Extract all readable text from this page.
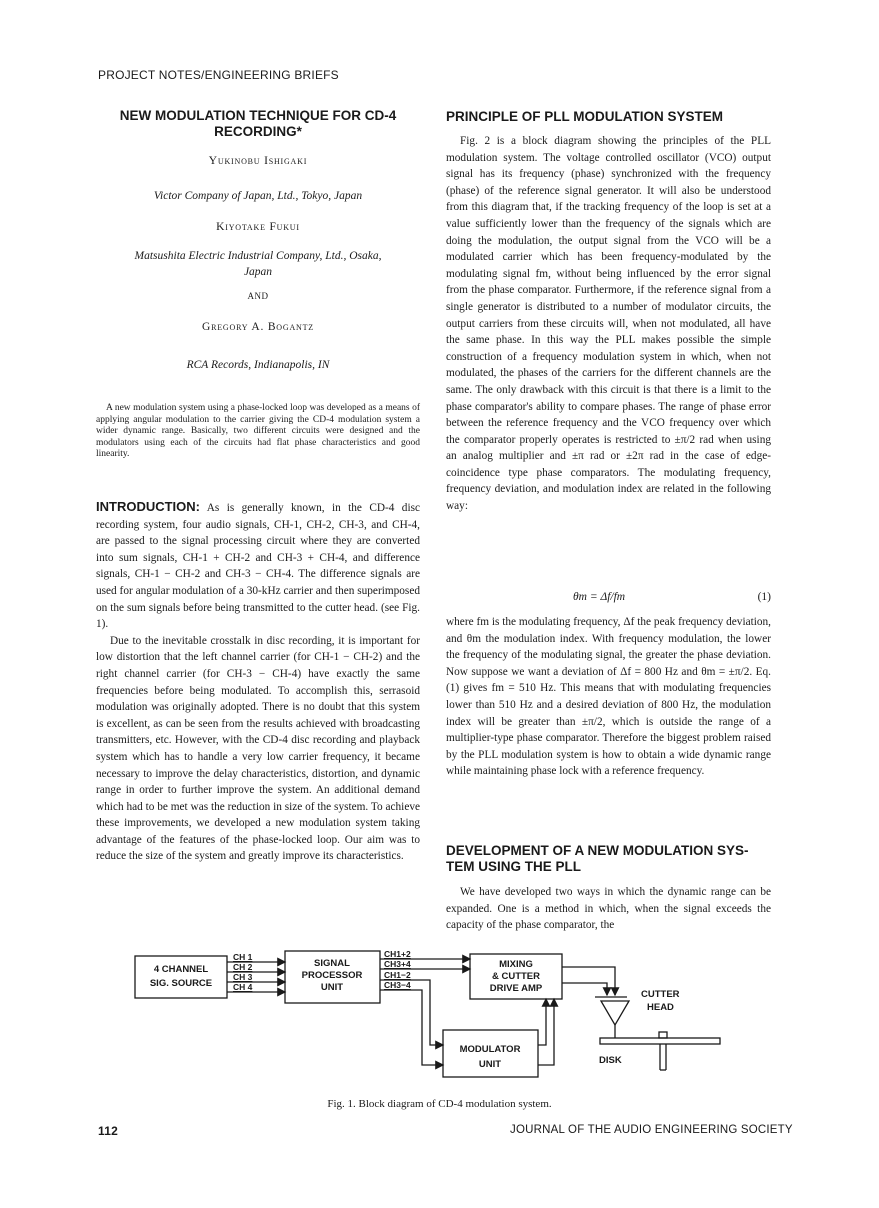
PROJECT NOTES/ENGINEERING BRIEFS
NEW MODULATION TECHNIQUE FOR CD-4
RECORDING*
Yukinobu Ishigaki
Victor Company of Japan, Ltd., Tokyo, Japan
Kiyotake Fukui
Matsushita Electric Industrial Company, Ltd., Osaka,
Japan
AND
Gregory A. Bogantz
RCA Records, Indianapolis, IN
A new modulation system using a phase-locked loop was developed as a means of applying angular modulation to the carrier giving the CD-4 modulation system a wider dynamic range. Basically, two different circuits were designed and the modulators using each of the circuits had flat phase characteristics and good linearity.

INTRODUCTION: As is generally known, in the CD-4 disc recording system, four audio signals, CH-1, CH-2, CH-3, and CH-4, are passed to the signal processing circuit where they are converted into sum signals, CH-1 + CH-2 and CH-3 + CH-4, and difference signals, CH-1 − CH-2 and CH-3 − CH-4. The difference signals are used for angular modulation of a 30-kHz carrier and then superimposed on the sum signals before being transmitted to the cutter head. (see Fig. 1).

Due to the inevitable crosstalk in disc recording, it is important for low distortion that the left channel carrier (for CH-1 − CH-2) and the right channel carrier (for CH-3 − CH-4) have exactly the same frequencies before being modulated. To accomplish this, serrasoid modulation was originally adopted. There is no doubt that this system is excellent, as can be seen from the results achieved with broadcasting transmitters, etc. However, with the CD-4 disc recording and playback system which has to handle a very low carrier frequency, it became necessary to improve the delay characteristics, distortion, and dynamic range in order to further improve the system. An additional demand which had to be met was the reduction in size of the system. To achieve these improvements, we developed a new modulation system taking advantage of the features of the phase-locked loop. Our aim was to reduce the size of the system and greatly improve its characteristics.

PRINCIPLE OF PLL MODULATION SYSTEM

Fig. 2 is a block diagram showing the principles of the PLL modulation system. The voltage controlled oscillator (VCO) output signal has its frequency (phase) synchronized with the frequency (phase) of the reference signal generator. It will also be understood from this diagram that, if the tracking frequency of the loop is set at a value sufficiently lower than the frequency of the signals which are doing the modulation, the output signal from the VCO will be a modulated carrier which has been frequency-modulated by the modulating signal fm, without being influenced by the error signal from the phase comparator. Furthermore, if the reference signal from a single generator is distributed to a number of modulator circuits, the output carriers from these circuits will, when not modulated, all have the same phase. In this way the PLL makes possible the simple construction of a frequency modulation system in which, when not modulated, the phases of the carriers for the different channels are the same. The only drawback with this circuit is that there is a limit to the phase comparator's ability to compare phases. The range of phase error between the reference frequency and the VCO frequency over which the comparator properly operates is restricted to ±π/2 rad when using an analog multiplier and ±π rad or ±2π rad in the case of edge-coincidence type phase comparators. The modulating frequency, frequency deviation, and modulation index are related in the following way:

θm = Δf/fm	(1)

where fm is the modulating frequency, Δf the peak frequency deviation, and θm the modulation index. With frequency modulation, the lower the frequency of the modulating signal, the greater the phase deviation. Now suppose we want a deviation of Δf = 800 Hz and θm = ±π/2. Eq. (1) gives fm = 510 Hz. This means that with modulating frequencies lower than 510 Hz and a desired deviation of 800 Hz, the modulation index will be greater than ±π/2, which is outside the range of a multiplier-type phase comparator. Therefore the biggest problem raised by the PLL modulation system is how to obtain a wide dynamic range while maintaining phase lock with a reference frequency.

DEVELOPMENT OF A NEW MODULATION SYS-
TEM USING THE PLL

We have developed two ways in which the dynamic range can be expanded. One is a method in which, when the signal exceeds the capacity of the phase comparator, the

4 CHANNEL
SIG. SOURCE
SIGNAL
PROCESSOR
UNIT
MIXING
& CUTTER
DRIVE AMP
MODULATOR
UNIT
CUTTER
HEAD
DISK
CH 1
CH 2
CH 3
CH 4
CH1+2
CH3+4
CH1−2
CH3−4
Fig. 1. Block diagram of CD-4 modulation system.
112	JOURNAL OF THE AUDIO ENGINEERING SOCIETY
